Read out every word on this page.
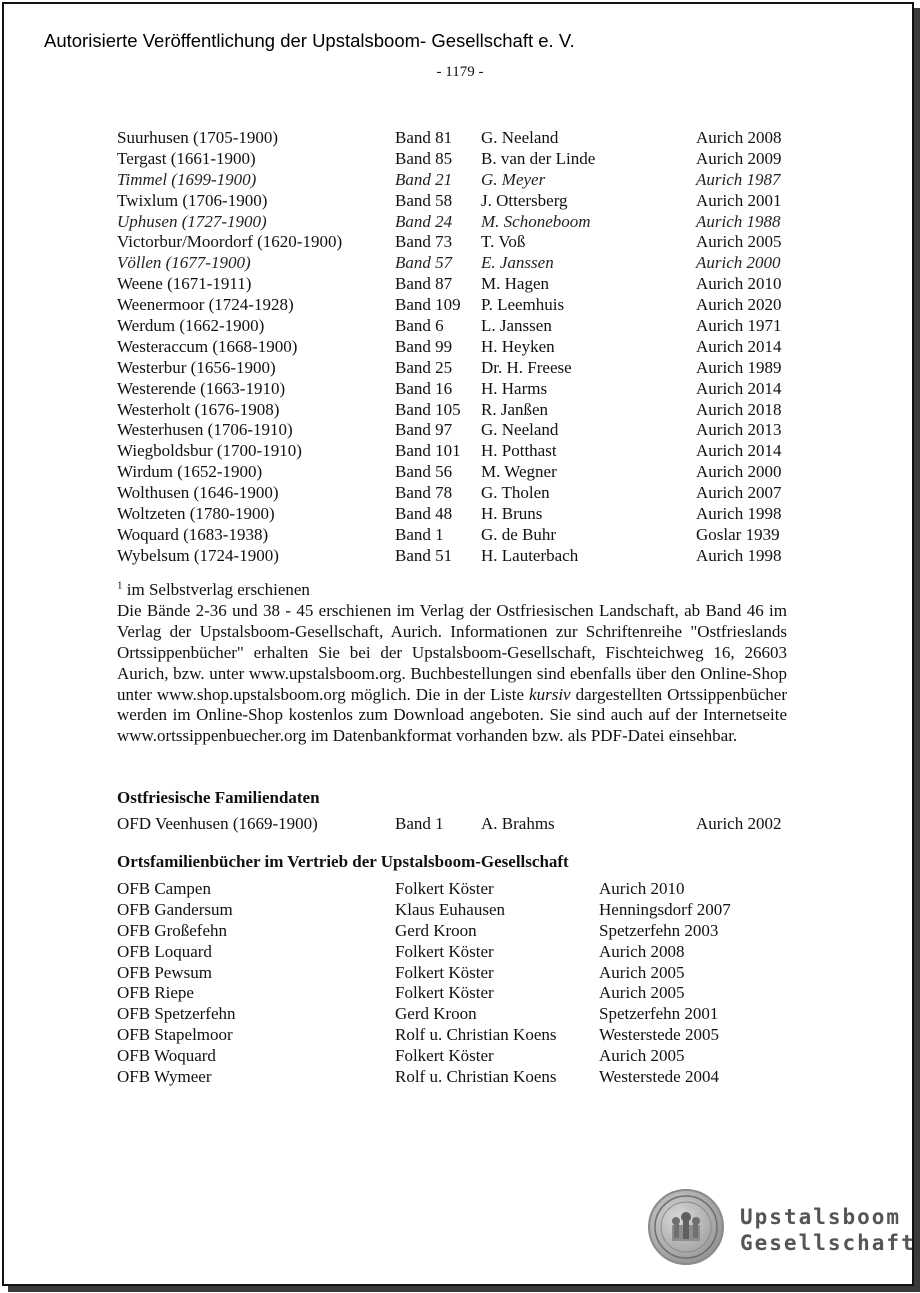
Autorisierte Veröffentlichung der Upstalsboom- Gesellschaft e. V.
- 1179 -
Suurhusen (1705-1900)	Band 81 G. Neeland	Aurich 2008
Tergast (1661-1900)	Band 85 B. van der Linde	Aurich 2009
Timmel (1699-1900)	Band 21 G. Meyer	Aurich 1987
Twixlum (1706-1900)	Band 58 J. Ottersberg	Aurich 2001
Uphusen (1727-1900)	Band 24 M. Schoneboom	Aurich 1988
Victorbur/Moordorf (1620-1900)	Band 73 T. Voß	Aurich 2005
Völlen (1677-1900)	Band 57 E. Janssen	Aurich 2000
Weene (1671-1911)	Band 87 M. Hagen	Aurich 2010
Weenermoor (1724-1928)	Band 109 P. Leemhuis	Aurich 2020
Werdum (1662-1900)	Band 6 L. Janssen	Aurich 1971
Westeraccum (1668-1900)	Band 99 H. Heyken	Aurich 2014
Westerbur (1656-1900)	Band 25 Dr. H. Freese	Aurich 1989
Westerende (1663-1910)	Band 16 H. Harms	Aurich 2014
Westerholt (1676-1908)	Band 105 R. Janßen	Aurich 2018
Westerhusen (1706-1910)	Band 97 G. Neeland	Aurich 2013
Wiegboldsbur (1700-1910)	Band 101 H. Potthast	Aurich 2014
Wirdum (1652-1900)	Band 56 M. Wegner	Aurich 2000
Wolthusen (1646-1900)	Band 78 G. Tholen	Aurich 2007
Woltzeten (1780-1900)	Band 48 H. Bruns	Aurich 1998
Woquard (1683-1938)	Band 1 G. de Buhr	Goslar 1939
Wybelsum (1724-1900)	Band 51 H. Lauterbach	Aurich 1998

$^1$ im Selbstverlag erschienen

Die Bände 2-36 und 38 - 45 erschienen im Verlag der Ostfriesischen Landschaft, ab Band 46 im Verlag der Upstalsboom-Gesellschaft, Aurich. Informationen zur Schriftenreihe "Ostfrieslands Ortssippenbücher" erhalten Sie bei der Upstalsboom-Gesellschaft, Fischteichweg 16, 26603 Aurich, bzw. unter www.upstalsboom.org. Buchbestellungen sind ebenfalls über den Online-Shop unter www.shop.upstalsboom.org möglich. Die in der Liste kursiv dargestellten Ortssippenbücher werden im Online-Shop kostenlos zum Download angeboten. Sie sind auch auf der Internetseite www.ortssippenbuecher.org im Datenbankformat vorhanden bzw. als PDF-Datei einsehbar.

Ostfriesische Familiendaten
OFD Veenhusen (1669-1900)	Band 1 A. Brahms	Aurich 2002
Ortsfamilienbücher im Vertrieb der Upstalsboom-Gesellschaft
OFB Campen	Folkert Köster	Aurich 2010
OFB Gandersum	Klaus Euhausen	Henningsdorf 2007
OFB Großefehn	Gerd Kroon	Spetzerfehn 2003
OFB Loquard	Folkert Köster	Aurich 2008
OFB Pewsum	Folkert Köster	Aurich 2005
OFB Riepe	Folkert Köster	Aurich 2005
OFB Spetzerfehn	Gerd Kroon	Spetzerfehn 2001
OFB Stapelmoor	Rolf u. Christian Koens	Westerstede 2005
OFB Woquard	Folkert Köster	Aurich 2005
OFB Wymeer	Rolf u. Christian Koens	Westerstede 2004
Upstalsboom
Gesellschaft
